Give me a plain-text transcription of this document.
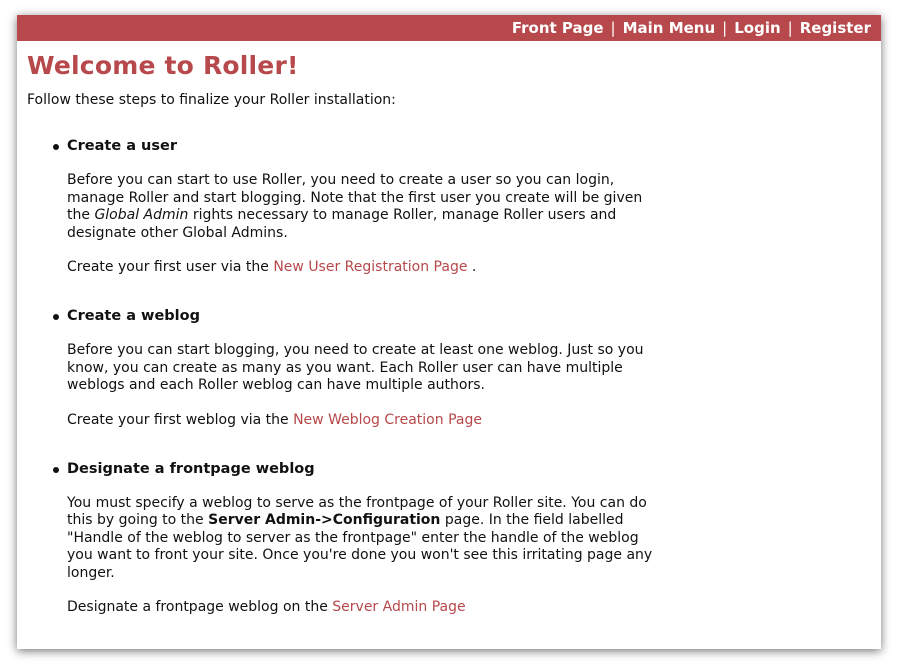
Front Page | Main Menu | Login | Register
Welcome to Roller!

Follow these steps to finalize your Roller installation:

Create a user

Before you can start to use Roller, you need to create a user so you can login, manage Roller and start blogging. Note that the first user you create will be given the Global Admin rights necessary to manage Roller, manage Roller users and designate other Global Admins.

Create your first user via the New User Registration Page .

Create a weblog

Before you can start blogging, you need to create at least one weblog. Just so you know, you can create as many as you want. Each Roller user can have multiple weblogs and each Roller weblog can have multiple authors.

Create your first weblog via the New Weblog Creation Page

Designate a frontpage weblog

You must specify a weblog to serve as the frontpage of your Roller site. You can do this by going to the Server Admin->Configuration page. In the field labelled "Handle of the weblog to server as the frontpage" enter the handle of the weblog you want to front your site. Once you're done you won't see this irritating page any longer.

Designate a frontpage weblog on the Server Admin Page
